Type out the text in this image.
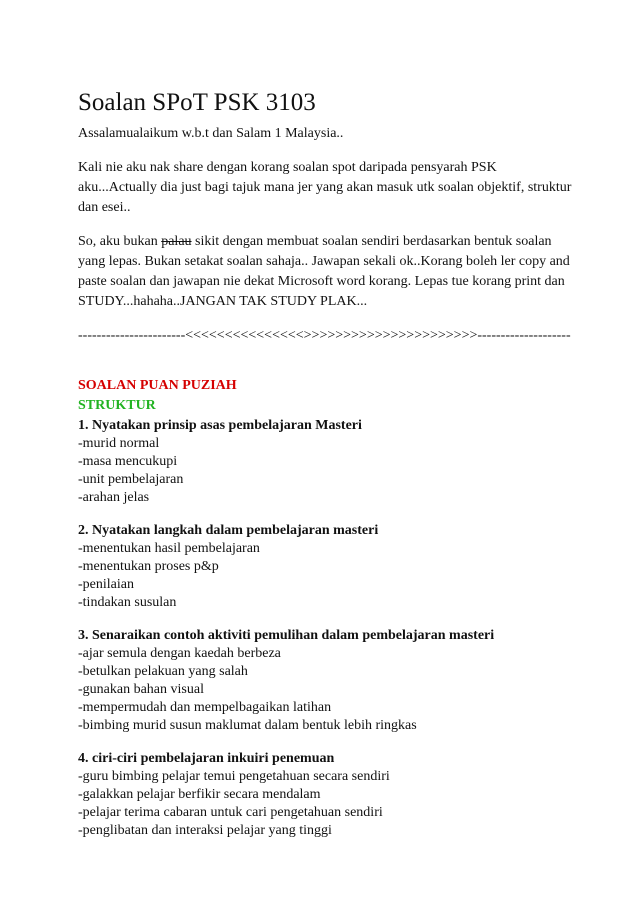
Soalan SPoT PSK 3103

Assalamualaikum w.b.t dan Salam 1 Malaysia..

Kali nie aku nak share dengan korang soalan spot daripada pensyarah PSK aku...Actually dia just bagi tajuk mana jer yang akan masuk utk soalan objektif, struktur dan esei..

So, aku bukan palau sikit dengan membuat soalan sendiri berdasarkan bentuk soalan yang lepas. Bukan setakat soalan sahaja.. Jawapan sekali ok..Korang boleh ler copy and paste soalan dan jawapan nie dekat Microsoft word korang. Lepas tue korang print dan STUDY...hahaha..JANGAN TAK STUDY PLAK...

-----------------------<<<<<<<<<<<<<<<>>>>>>>>>>>>>>>>>>>>>>--------------------

SOALAN PUAN PUZIAH
STRUKTUR
1. Nyatakan prinsip asas pembelajaran Masteri
-murid normal
-masa mencukupi
-unit pembelajaran
-arahan jelas
2. Nyatakan langkah dalam pembelajaran masteri
-menentukan hasil pembelajaran
-menentukan proses p&p
-penilaian
-tindakan susulan
3. Senaraikan contoh aktiviti pemulihan dalam pembelajaran masteri
-ajar semula dengan kaedah berbeza
-betulkan pelakuan yang salah
-gunakan bahan visual
-mempermudah dan mempelbagaikan latihan
-bimbing murid susun maklumat dalam bentuk lebih ringkas
4. ciri-ciri pembelajaran inkuiri penemuan
-guru bimbing pelajar temui pengetahuan secara sendiri
-galakkan pelajar berfikir secara mendalam
-pelajar terima cabaran untuk cari pengetahuan sendiri
-penglibatan dan interaksi pelajar yang tinggi
